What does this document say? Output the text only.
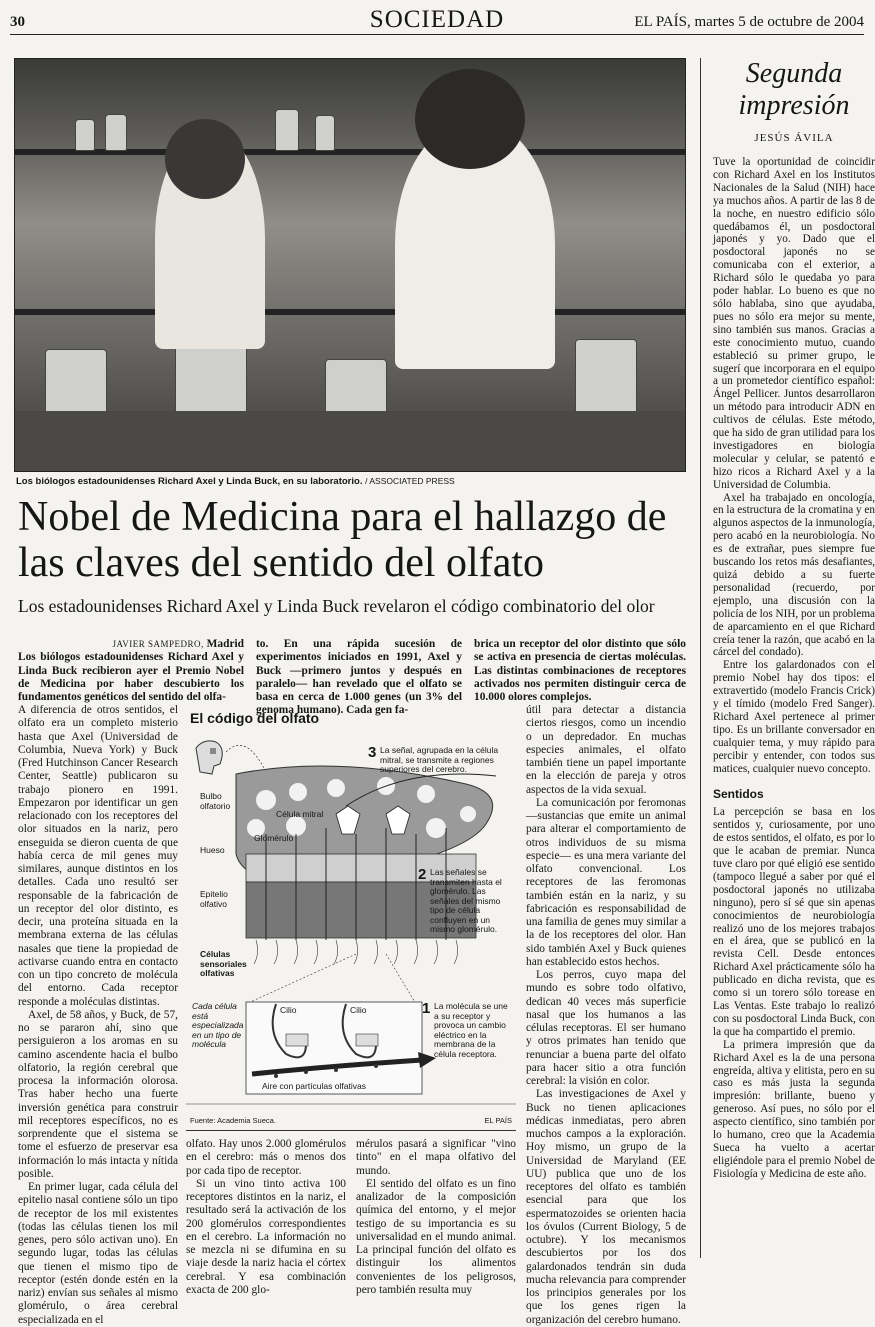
30	SOCIEDAD	EL PAÍS, martes 5 de octubre de 2004
Los biólogos estadounidenses Richard Axel y Linda Buck, en su laboratorio. / ASSOCIATED PRESS
Nobel de Medicina para el hallazgo de las claves del sentido del olfato
Los estadounidenses Richard Axel y Linda Buck revelaron el código combinatorio del olor

JAVIER SAMPEDRO, Madrid

Los biólogos estadounidenses Richard Axel y Linda Buck recibieron ayer el Premio Nobel de Medicina por haber descubierto los fundamentos genéticos del sentido del olfa-

to. En una rápida sucesión de experimentos iniciados en 1991, Axel y Buck —primero juntos y después en paralelo— han revelado que el olfato se basa en cerca de 1.000 genes (un 3% del genoma humano). Cada gen fa-

brica un receptor del olor distinto que sólo se activa en presencia de ciertas moléculas. Las distintas combinaciones de receptores activados nos permiten distinguir cerca de 10.000 olores complejos.

A diferencia de otros sentidos, el olfato era un completo misterio hasta que Axel (Universidad de Columbia, Nueva York) y Buck (Fred Hutchinson Cancer Research Center, Seattle) publicaron su trabajo pionero en 1991. Empezaron por identificar un gen relacionado con los receptores del olor situados en la nariz, pero enseguida se dieron cuenta de que había cerca de mil genes muy similares, aunque distintos en los detalles. Cada uno resultó ser responsable de la fabricación de un receptor del olor distinto, es decir, una proteína situada en la membrana externa de las células nasales que tiene la propiedad de activarse cuando entra en contacto con un tipo concreto de molécula del entorno. Cada receptor responde a moléculas distintas.

Axel, de 58 años, y Buck, de 57, no se pararon ahí, sino que persiguieron a los aromas en su camino ascendente hacia el bulbo olfatorio, la región cerebral que procesa la información olorosa. Tras haber hecho una fuerte inversión genética para construir mil receptores específicos, no es sorprendente que el sistema se tome el esfuerzo de preservar esa información lo más intacta y nítida posible.

En primer lugar, cada célula del epitelio nasal contiene sólo un tipo de receptor de los mil existentes (todas las células tienen los mil genes, pero sólo activan uno). En segundo lugar, todas las células que tienen el mismo tipo de receptor (estén donde estén en la nariz) envían sus señales al mismo glomérulo, o área cerebral especializada en el

El código del olfato
Bulbo olfatorio
Glomérulo
Célula mitral
Hueso
Epitelio olfativo
Células sensoriales olfativas
Cada célula está especializada en un tipo de molécula
Cilio	Cilio
Aire con partículas olfativas
3 La señal, agrupada en la célula mitral, se transmite a regiones superiores del cerebro.
2 Las señales se transmiten hasta el glomérulo. Las señales del mismo tipo de célula confluyen en un mismo glomérulo.
1 La molécula se une a su receptor y provoca un cambio eléctrico en la membrana de la célula receptora.
Fuente: Academia Sueca.	EL PAÍS

olfato. Hay unos 2.000 glomérulos en el cerebro: más o menos dos por cada tipo de receptor.

Si un vino tinto activa 100 receptores distintos en la nariz, el resultado será la activación de los 200 glomérulos correspondientes en el cerebro. La información no se mezcla ni se difumina en su viaje desde la nariz hacia el córtex cerebral. Y esa combinación exacta de 200 glo-

mérulos pasará a significar "vino tinto" en el mapa olfativo del mundo.

El sentido del olfato es un fino analizador de la composición química del entorno, y el mejor testigo de su importancia es su universalidad en el mundo animal. La principal función del olfato es distinguir los alimentos convenientes de los peligrosos, pero también resulta muy

útil para detectar a distancia ciertos riesgos, como un incendio o un depredador. En muchas especies animales, el olfato también tiene un papel importante en la elección de pareja y otros aspectos de la vida sexual.

La comunicación por feromonas —sustancias que emite un animal para alterar el comportamiento de otros individuos de su misma especie— es una mera variante del olfato convencional. Los receptores de las feromonas también están en la nariz, y su fabricación es responsabilidad de una familia de genes muy similar a la de los receptores del olor. Han sido también Axel y Buck quienes han establecido estos hechos.

Los perros, cuyo mapa del mundo es sobre todo olfativo, dedican 40 veces más superficie nasal que los humanos a las células receptoras. El ser humano y otros primates han tenido que renunciar a buena parte del olfato para hacer sitio a otra función cerebral: la visión en color.

Las investigaciones de Axel y Buck no tienen aplicaciones médicas inmediatas, pero abren muchos campos a la exploración. Hoy mismo, un grupo de la Universidad de Maryland (EE UU) publica que uno de los receptores del olfato es también esencial para que los espermatozoides se orienten hacia los óvulos (Current Biology, 5 de octubre). Y los mecanismos descubiertos por los dos galardonados tendrán sin duda mucha relevancia para comprender los principios generales por los que los genes rigen la organización del cerebro humano.

Segunda impresión
JESÚS ÁVILA

Tuve la oportunidad de coincidir con Richard Axel en los Institutos Nacionales de la Salud (NIH) hace ya muchos años. A partir de las 8 de la noche, en nuestro edificio sólo quedábamos él, un posdoctoral japonés y yo. Dado que el posdoctoral japonés no se comunicaba con el exterior, a Richard sólo le quedaba yo para poder hablar. Lo bueno es que no sólo hablaba, sino que ayudaba, pues no sólo era mejor su mente, sino también sus manos. Gracias a este conocimiento mutuo, cuando estableció su primer grupo, le sugerí que incorporara en el equipo a un prometedor científico español: Ángel Pellicer. Juntos desarrollaron un método para introducir ADN en cultivos de células. Este método, que ha sido de gran utilidad para los investigadores en biología molecular y celular, se patentó e hizo ricos a Richard Axel y a la Universidad de Columbia.

Axel ha trabajado en oncología, en la estructura de la cromatina y en algunos aspectos de la inmunología, pero acabó en la neurobiología. No es de extrañar, pues siempre fue buscando los retos más desafiantes, quizá debido a su fuerte personalidad (recuerdo, por ejemplo, una discusión con la policía de los NIH, por un problema de aparcamiento en el que Richard creía tener la razón, que acabó en la cárcel del condado).

Entre los galardonados con el premio Nobel hay dos tipos: el extravertido (modelo Francis Crick) y el tímido (modelo Fred Sanger). Richard Axel pertenece al primer tipo. Es un brillante conversador en cualquier tema, y muy rápido para percibir y entender, con todos sus matices, cualquier nuevo concepto.

Sentidos

La percepción se basa en los sentidos y, curiosamente, por uno de estos sentidos, el olfato, es por lo que le acaban de premiar. Nunca tuve claro por qué eligió ese sentido (tampoco llegué a saber por qué el posdoctoral japonés no utilizaba ninguno), pero sí sé que sin apenas conocimientos de neurobiología realizó uno de los mejores trabajos en el área, que se publicó en la revista Cell. Desde entonces Richard Axel prácticamente sólo ha publicado en dicha revista, que es como si un torero sólo torease en Las Ventas. Este trabajo lo realizó con su posdoctoral Linda Buck, con la que ha compartido el premio.

La primera impresión que da Richard Axel es la de una persona engreída, altiva y elitista, pero en su caso es más justa la segunda impresión: brillante, bueno y generoso. Así pues, no sólo por el aspecto científico, sino también por lo humano, creo que la Academia Sueca ha vuelto a acertar eligiéndole para el premio Nobel de Fisiología y Medicina de este año.
